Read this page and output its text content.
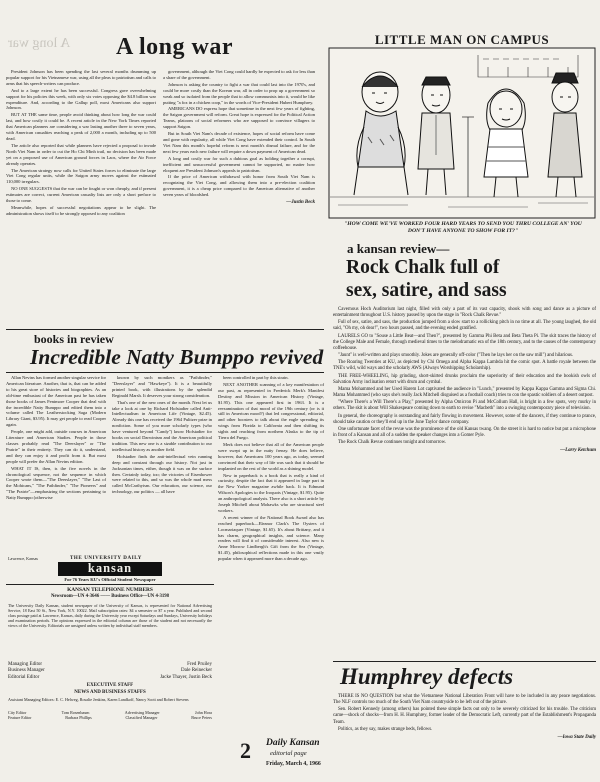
A long war A long war

President Johnson has been spending the last several months drumming up popular support for his Vietnamese war, using all the pleas to patriotism and calls to arms that his speech-writers can produce.

And to a large extent he has been successful. Congress gave overwhelming support for his policies this week, with only six votes opposing the $4.8 billion war expenditure. And, according to the Gallup poll, most Americans also support Johnson.

BUT AT THE same time, people avoid thinking about how long the war could last, and how costly it could be. A recent article in the New York Times reported that American planners are considering a war lasting another three to seven years, with American casualties reaching a peak of 2,000 a month, including up to 500 dead.

The article also reported that while planners have rejected a proposal to invade North Viet Nam in order to cut the Ho Chi Minh trail, no decision has been made yet on a proposed use of American ground forces in Laos, where the Air Force already operates.

The American strategy now calls for United States forces to eliminate the large Viet Cong regular units, while the Saigon army moves against the estimated 110,000 irregulars.

NO ONE SUGGESTS that the war can be fought or won cheaply, and if present estimates are correct, current American casualty lists are only a short preface to those to come.

Meanwhile, hopes of successful negotiations appear to be slight. The administration shows itself to be strongly opposed to any coalition

government, although the Viet Cong could hardly be expected to ask for less than a share of the government.

Johnson is asking the country to fight a war that could last into the 1970's, and could be more costly than the Korean war, all in order to prop up a government so weak and so isolated from the people that to allow communists into it, would be like putting "a fox in a chicken coop," in the words of Vice-President Hubert Humphrey.

AMERICANS DO express hope that sometime in the next few years of fighting, the Saigon government will reform. Great hope is expressed for the Political Action Teams, platoons of social reformers who are supposed to convince villagers to support Saigon.

But in South Viet Nam's decade of existence, hopes of social reform have come and gone with regularity, all while Viet Cong have extended their control. In South Viet Nam this month's hopeful reform is next month's dismal failure, and for the next few years each new failure will require a down payment of American dead.

A long and costly war for such a dubious goal as holding together a corrupt, inefficient and unsuccessful government cannot be supported, no matter how eloquent are President Johnson's appeals to patriotism.

If the price of American withdrawal with honor from South Viet Nam is recognizing the Viet Cong, and allowing them into a pre-election coalition government, it is a cheap price compared to the American alternative of another seven years of bloodshed.

—Justin Beck
LITTLE MAN ON CAMPUS
"HOW COME WE'VE WORKED FOUR HARD YEARS TO SEND YOU THRU COLLEGE AN' YOU DON'T HAVE ANYONE TO SHOW FOR IT?"
a kansan review—
Rock Chalk full of
sex, satire, and sass

Cavernous Hoch Auditorium last night, filled with only a part of its vast capacity, shook with song and dance as a picture of entertainment throughout U.S. history passed by upon the stage in "Rock Chalk Revue."

Full of sex, satire, and sass, the production jumped from a slow start to a rollicking pitch in no time at all. The young laughed, the old said, "Oh my, oh dear!", two hours passed, and the evening ended gratified.

LAURELS GO to "Souse a Little Beat—and Then?", presented by Gamma Phi Beta and Beta Theta Pi. The skit traces the history of the College Male and Female, through medieval times to the melodramatic era of the 18th century, and to the causes of the contemporary coffeehouse.

"Jaunt" is well-written and plays smoothly. Jokes are generally off-color ("Then he lays her on the saw mill") and hilarious.

The Roaring Twenties at KU, as depicted by Chi Omega and Alpha Kappa Lambda hit the comic spot. A battle royale between the TNE's wild, wild ways and the scholarly AWS (Always Worshipping Scholarship).

THE FREE-WHEELING, hip grinding, short-skirted drunks proclaim the superiority of their education and the bookish owls of Salvation Army inclination retort with drum and cymbal.

Mama Mohammed and her Used Harem Lot captivated the audience in "Lunch," presented by Kappa Kappa Gamma and Sigma Chi. Mama Mohammed (who says she's really Jack Mitchell disguised as a football coach) tries to con the spastic soldiers of a desert outpost.

"Where There's a Will There's a Play," presented by Alpha Omicron Pi and McCollum Hall, is bright in a few spots, very murky in others. The skit is about Will Shakespeare coming down to earth to revise "Macbeth" into a swinging contemporary piece of television.

In general, the choreography is outstanding and fairly flowing in movement. However, some of the dancers, if they continue to prance, should take caution or they'll end up in the June Taylor dance company.

One unfortunate facet of the revue was the prominence of the old Kansas twang. On the street it is hard to notice but put a microphone in front of a Kansan and all of a sudden the speaker changes into a Gomer Pyle.

The Rock Chalk Revue continues tonight and tomorrow.

—Larry Ketchum
books in review
Incredible Natty Bumppo revived

Allan Nevins has formed another singular service for American literature. Another, that is, that can be added to his great store of histories and biographies. As an old-time enthusiast of the American past he has taken those books of James Fenimore Cooper that deal with the incredible Natty Bumppo and edited them into a volume called The Leatherstocking Saga (Modern Library Giant, $3.95). It may get people to read Cooper again.

People, one might add, outside courses in American Literature and American Studies. People in those classes probably read "The Deerslayer" or "The Prairie" in their entirety. They can do it, understand, and they can enjoy it and profit from it. But most people will prefer the Allan Nevins edition.

WHAT IT IS, then, is the five novels in the chronological sequence, not the sequence in which Cooper wrote them—"The Deerslayer," "The Last of the Mohicans," "The Pathfinder," "The Pioneers" and "The Prairie"—emphasizing the sections pertaining to Natty Bumppo (otherwise

known by such monikers as "Pathfinder," "Deerslayer" and "Hawkeye"). It is a beautifully printed book, with illustrations by the splendid Reginald Marsh. It deserves your strong consideration.

That's one of the new ones of the month. Next let us take a look at one by Richard Hofstadter called Anti-Intellectualism in American Life (Vintage, $2.45). Already this one has received the 1964 Pulitzer prize in nonfiction. Some of you more scholarly types (who have ventured beyond "Candy") know Hofstadter for books on social Darwinism and the American political tradition. This new one is a sizable contribution to our intellectual history as another field.

Hofstadter finds the anti-intellectual vein running deep and constant through our history. Not just in Jacksonian times, either, though it was on the surface then. Certainly today, too; the victories of Eisenhower were related to this, and so was the whole mad mess called McCarthyism. Our education, our science, our technology, our politics — all have

been controlled in part by this strain.

NEXT ANOTHER scanning of a key manifestation of our past, as represented in Frederick Merk's Manifest Destiny and Mission in American History (Vintage, $1.95). This one appeared first in 1963. It is a reexamination of that mood of the 19th century (or is it still in American mood?) that led congressional, editorial, and other boosters to talk about the eagle spreading its wings from Florida to California and then shifting its sights and reaching from northern Alaska to the tip of Tierra del Fuego.

Merk does not believe that all of the American people were swept up in the nutty frenzy. He does believe, however, that Americans 100 years ago, as today, seemed convinced that their way of life was such that it should be implanted on the rest of the world as a shining model.

New in paperback is a book that is really a kind of curiosity, despite the fact that it appeared in large part in the New Yorker magazine awhile back. It is Edmund Wilson's Apologies to the Iroquois (Vintage, $1.95). Quite an anthropological analysis. There also is a short article by Joseph Mitchell about Mohawks who are structural steel workers.

A recent winner of the National Book Award also has reached paperback—Eleanor Clark's The Oysters of Locmariaquer (Vintage, $1.65). It's about Brittany, and it has charm, geographical insights, and science. Many readers will find it of considerable interest. Also new is Anne Morrow Lindbergh's Gift from the Sea (Vintage, $1.45), philosophical reflections made in this one vastly popular when it appeared more than a decade ago.

Lawrence, Kansas	THE UNIVERSITY DAILY
kansan
For 76 Years KU's Official Student Newspaper
KANSAN TELEPHONE NUMBERS
Newsroom—UN 4-3646 —— Business Office—UN 4-3198
The University Daily Kansan, student newspaper of the University of Kansas, is represented for National Advertising Service, 18 East 50 St., New York, N.Y. 10022. Mail subscription rates: $4 a semester or $7 a year. Published and second class postage paid at Lawrence, Kansas, daily during the University year except Saturdays and Sundays, University holidays and examination periods. The opinions expressed in the editorial column are those of the student and not necessarily the views of the University. Editorials are unsigned unless written by individual staff members.
Managing Editor	Fred Pruiley
Business Manager	Dale Reinecker
Editorial Editor	Jacke Thayer, Justin Beck
EXECUTIVE STAFF
NEWS AND BUSINESS STAFFS
Assistant Managing Editors: E. C. Helweg, Rosalie Jenkins, Karen Landkoff, Nancy Scott and Robert Stevens
City Editor	Tom Rosenbaum	Advertising Manager	John Hora
Feature Editor	Barbara Phillips	Classified Manager	Bruce Peters
2 Daily Kansan
editorial page
Friday, March 4, 1966
Humphrey defects

THERE IS NO QUESTION but what the Vietnamese National Liberation Front will have to be included in any peace negotiations. The NLF controls too much of the South Viet Nam countryside to be left out of the picture.

Sen. Robert Kennedy (among others) has pointed these simple facts out only to be severely criticized for his trouble. The criticism came—shock of shocks—from H. H. Humphrey, former leader of the Democratic Left, currently part of the Establishment's Propaganda Team.

Politics, as they say, makes strange beds, fellows.

—Iowa State Daily
